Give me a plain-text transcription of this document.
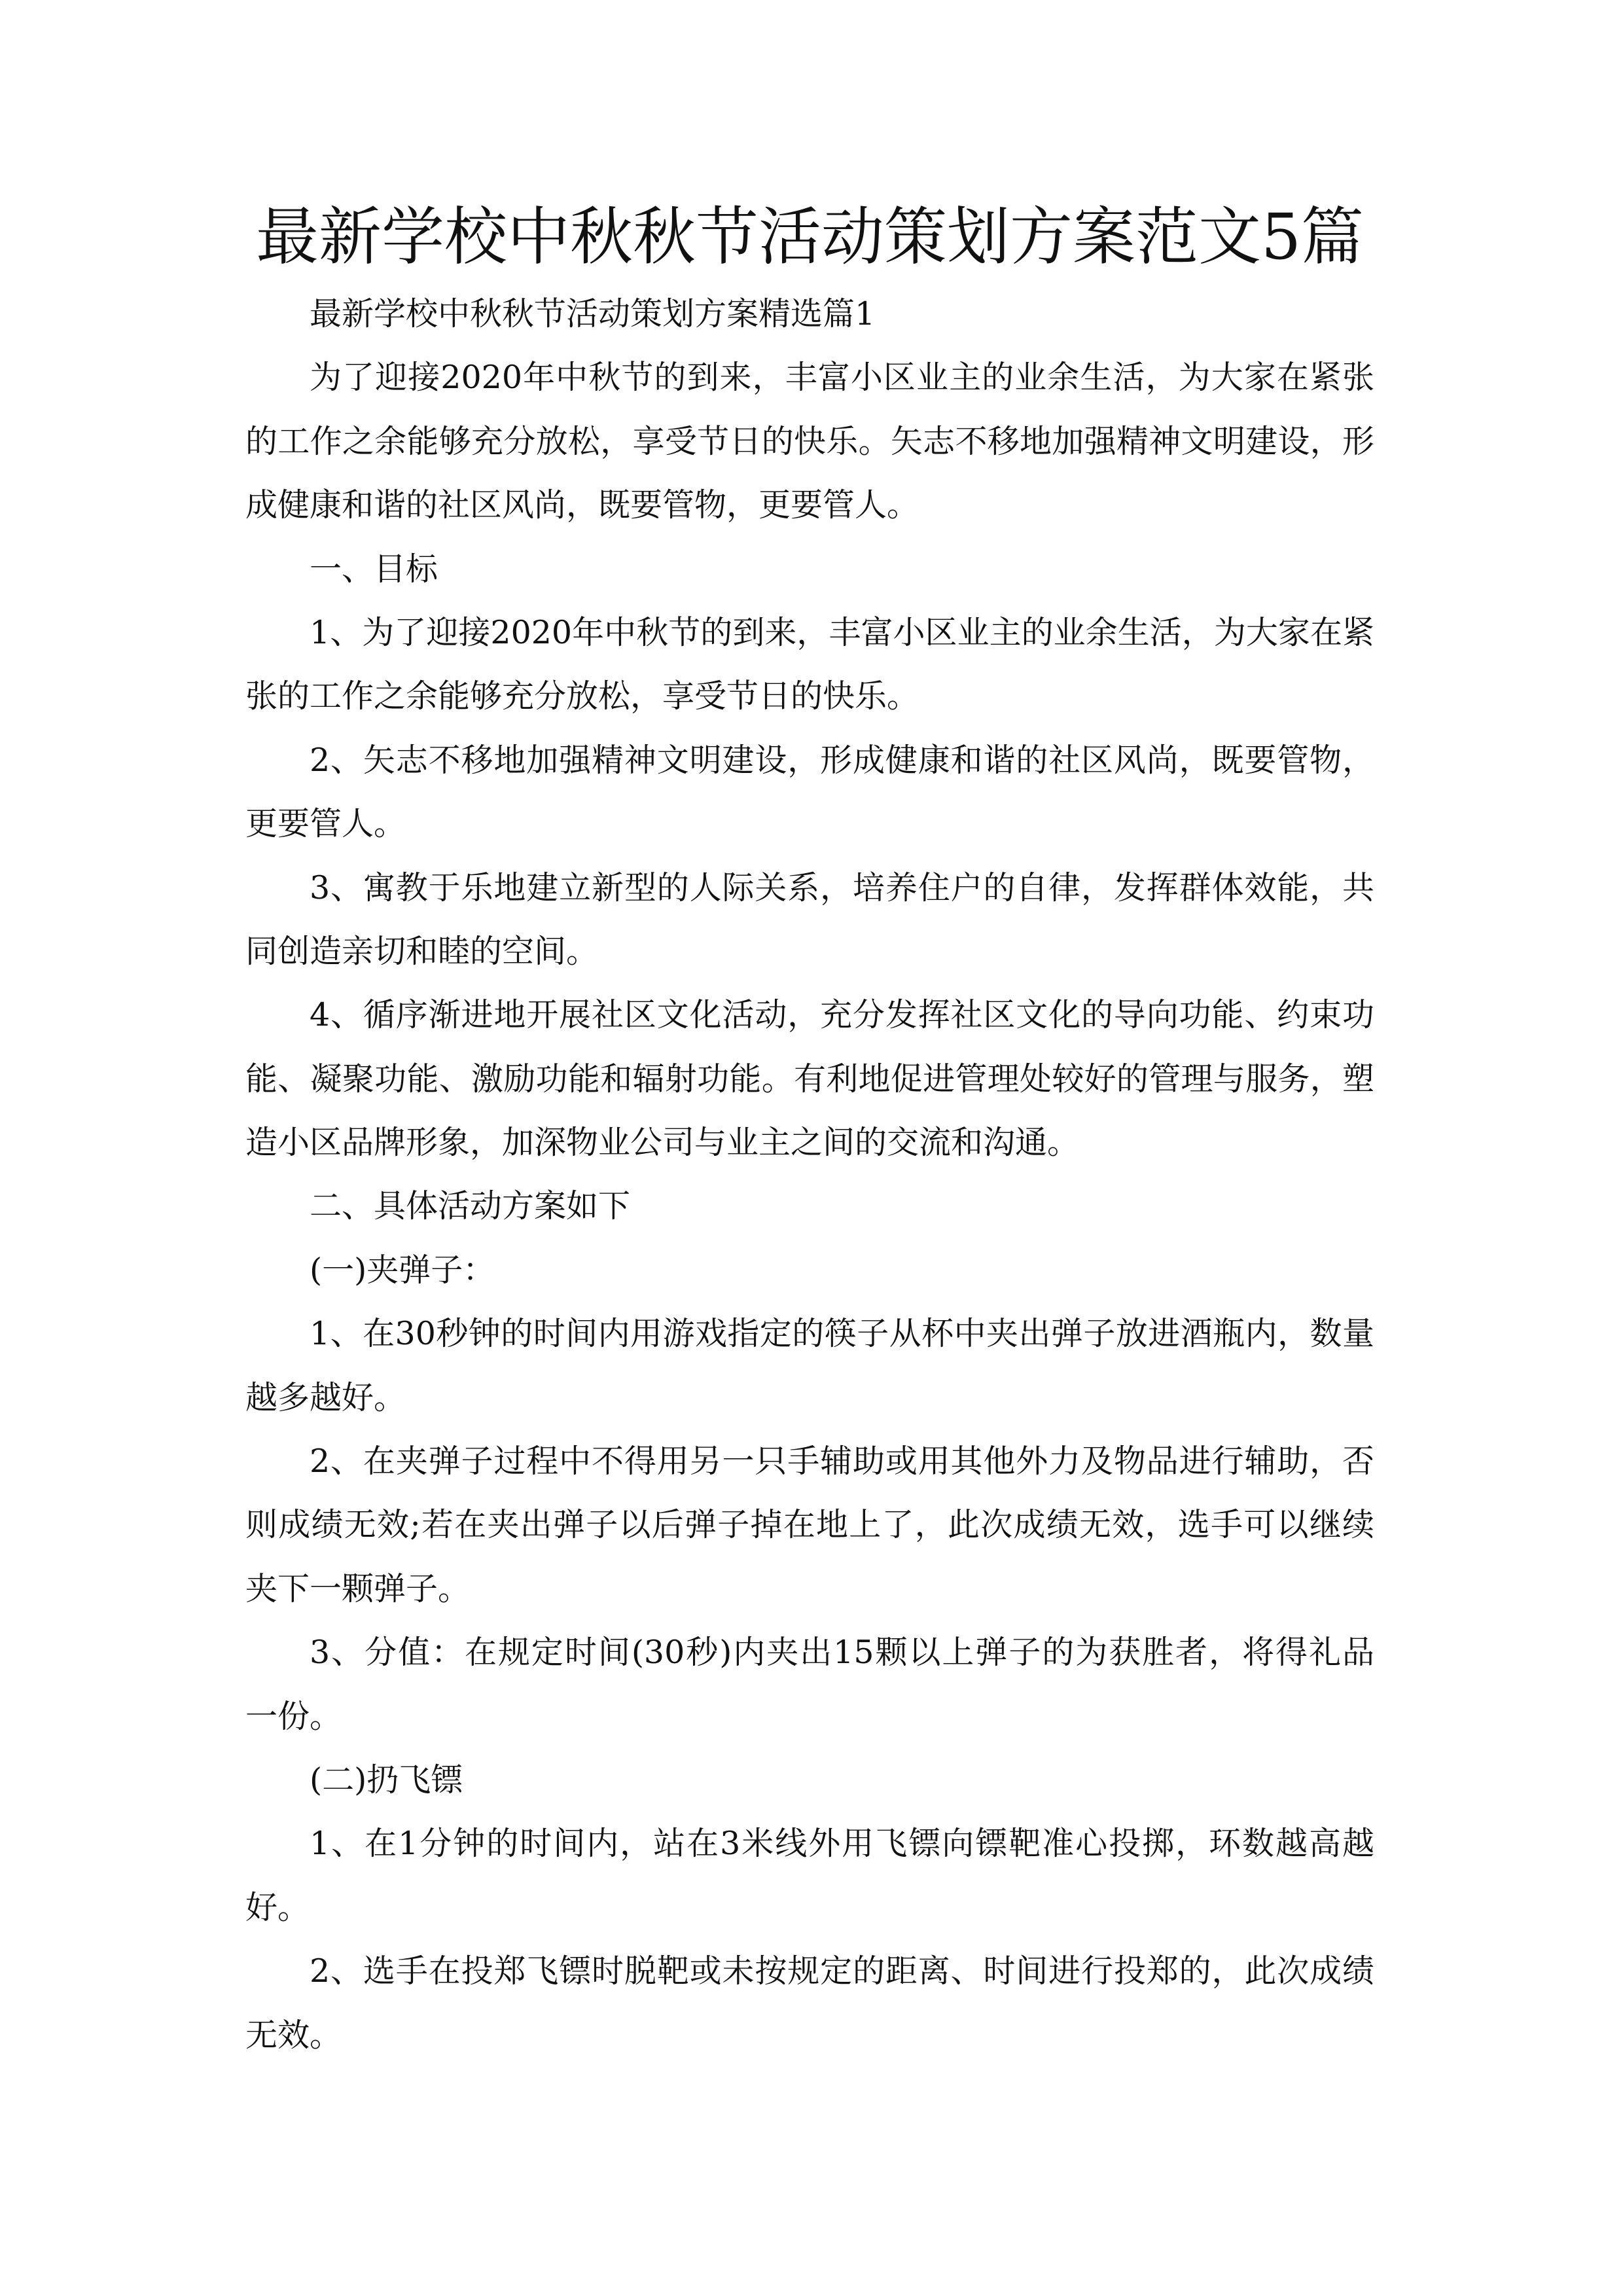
最新学校中秋秋节活动策划方案范文5篇
最新学校中秋秋节活动策划方案精选篇1
为了迎接2020年中秋节的到来，丰富小区业主的业余生活，为大家在紧张
的工作之余能够充分放松，享受节日的快乐。矢志不移地加强精神文明建设，形
成健康和谐的社区风尚，既要管物，更要管人。
一、目标
1、为了迎接2020年中秋节的到来，丰富小区业主的业余生活，为大家在紧
张的工作之余能够充分放松，享受节日的快乐。
2、矢志不移地加强精神文明建设，形成健康和谐的社区风尚，既要管物，
更要管人。
3、寓教于乐地建立新型的人际关系，培养住户的自律，发挥群体效能，共
同创造亲切和睦的空间。
4、循序渐进地开展社区文化活动，充分发挥社区文化的导向功能、约束功
能、凝聚功能、激励功能和辐射功能。有利地促进管理处较好的管理与服务，塑
造小区品牌形象，加深物业公司与业主之间的交流和沟通。
二、具体活动方案如下
(一)夹弹子：
1、在30秒钟的时间内用游戏指定的筷子从杯中夹出弹子放进酒瓶内，数量
越多越好。
2、在夹弹子过程中不得用另一只手辅助或用其他外力及物品进行辅助，否
则成绩无效;若在夹出弹子以后弹子掉在地上了，此次成绩无效，选手可以继续
夹下一颗弹子。
3、分值：在规定时间(30秒)内夹出15颗以上弹子的为获胜者，将得礼品
一份。
(二)扔飞镖
1、在1分钟的时间内，站在3米线外用飞镖向镖靶准心投掷，环数越高越
好。
2、选手在投郑飞镖时脱靶或未按规定的距离、时间进行投郑的，此次成绩
无效。
